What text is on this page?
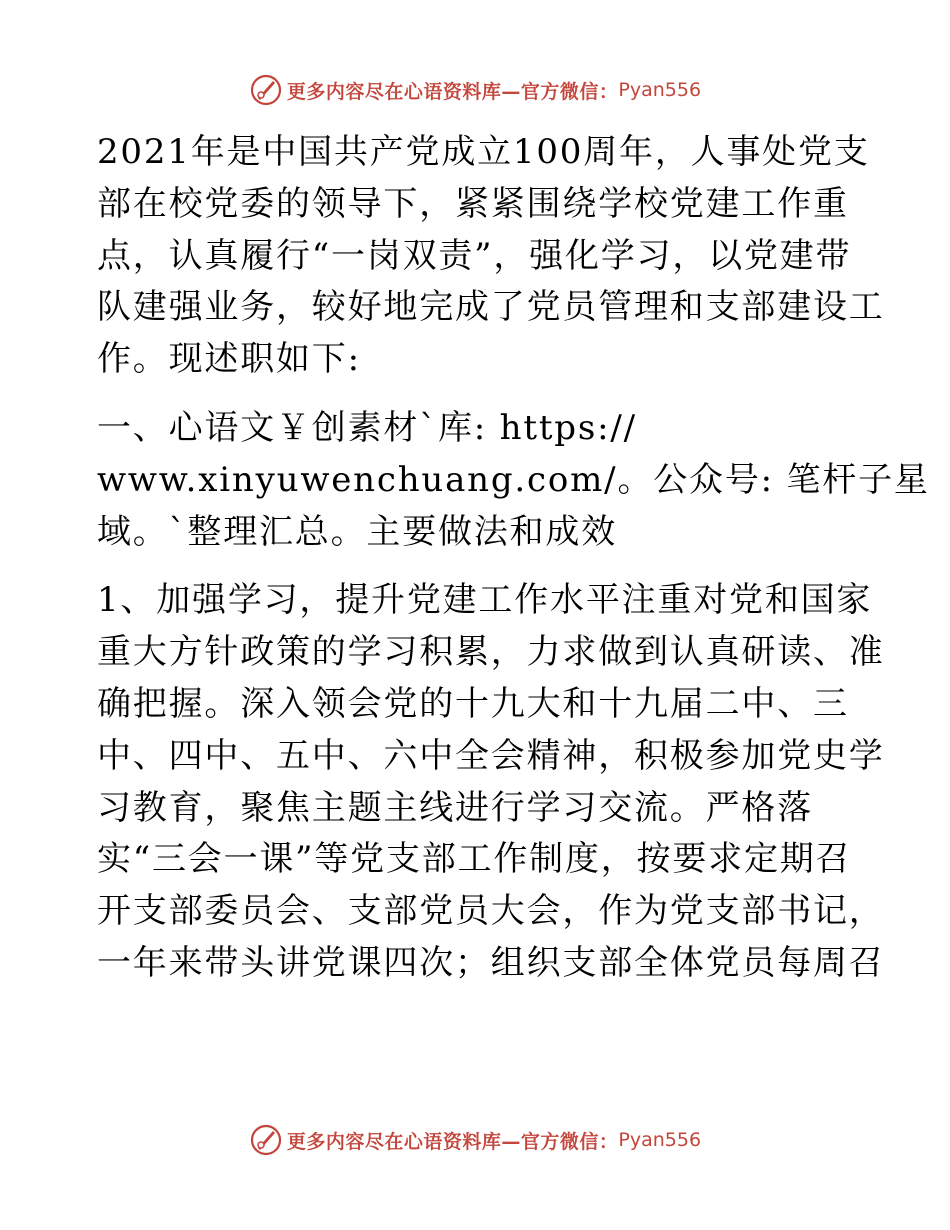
更多内容尽在心语资料库—官方微信： Pyan556
2021年是中国共产党成立100周年，人事处党支
部在校党委的领导下，紧紧围绕学校党建工作重
点，认真履行“一岗双责”，强化学习，以党建带
队建强业务，较好地完成了党员管理和支部建设工
作。现述职如下:
一、心语文￥创素材`库: https://
www.xinyuwenchuang.com/。公众号: 笔杆子星
域。`整理汇总。主要做法和成效
1、加强学习，提升党建工作水平注重对党和国家
重大方针政策的学习积累，力求做到认真研读、准
确把握。深入领会党的十九大和十九届二中、三
中、四中、五中、六中全会精神，积极参加党史学
习教育，聚焦主题主线进行学习交流。严格落
实“三会一课”等党支部工作制度，按要求定期召
开支部委员会、支部党员大会，作为党支部书记，
一年来带头讲党课四次；组织支部全体党员每周召
更多内容尽在心语资料库—官方微信： Pyan556
